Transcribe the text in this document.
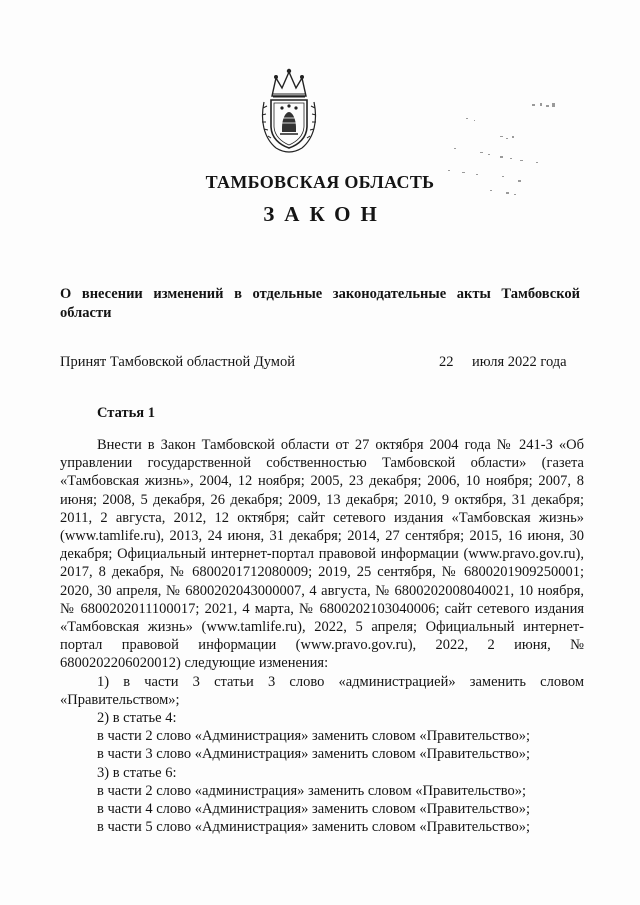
ТАМБОВСКАЯ ОБЛАСТЬ
ЗАКОН
О внесении изменений в отдельные законодательные акты Тамбовской области
Принят Тамбовской областной Думой	22 июля 2022 года
Статья 1

Внести в Закон Тамбовской области от 27 октября 2004 года № 241-З «Об управлении государственной собственностью Тамбовской области» (газета «Тамбовская жизнь», 2004, 12 ноября; 2005, 23 декабря; 2006, 10 ноября; 2007, 8 июня; 2008, 5 декабря, 26 декабря; 2009, 13 декабря; 2010, 9 октября, 31 декабря; 2011, 2 августа, 2012, 12 октября; сайт сетевого издания «Тамбовская жизнь» (www.tamlife.ru), 2013, 24 июня, 31 декабря; 2014, 27 сентября; 2015, 16 июня, 30 декабря; Официальный интернет-портал правовой информации (www.pravo.gov.ru), 2017, 8 декабря, № 6800201712080009; 2019, 25 сентября, № 6800201909250001; 2020, 30 апреля, № 6800202043000007, 4 августа, № 6800202008040021, 10 ноября, № 6800202011100017; 2021, 4 марта, № 6800202103040006; сайт сетевого издания «Тамбовская жизнь» (www.tamlife.ru), 2022, 5 апреля; Официальный интернет-портал правовой информации (www.pravo.gov.ru), 2022, 2 июня, № 6800202206020012) следующие изменения:

1) в части 3 статьи 3 слово «администрацией» заменить словом «Правительством»;

2) в статье 4:

в части 2 слово «Администрация» заменить словом «Правительство»;

в части 3 слово «Администрация» заменить словом «Правительство»;

3) в статье 6:

в части 2 слово «администрация» заменить словом «Правительство»;

в части 4 слово «Администрация» заменить словом «Правительство»;

в части 5 слово «Администрация» заменить словом «Правительство»;
